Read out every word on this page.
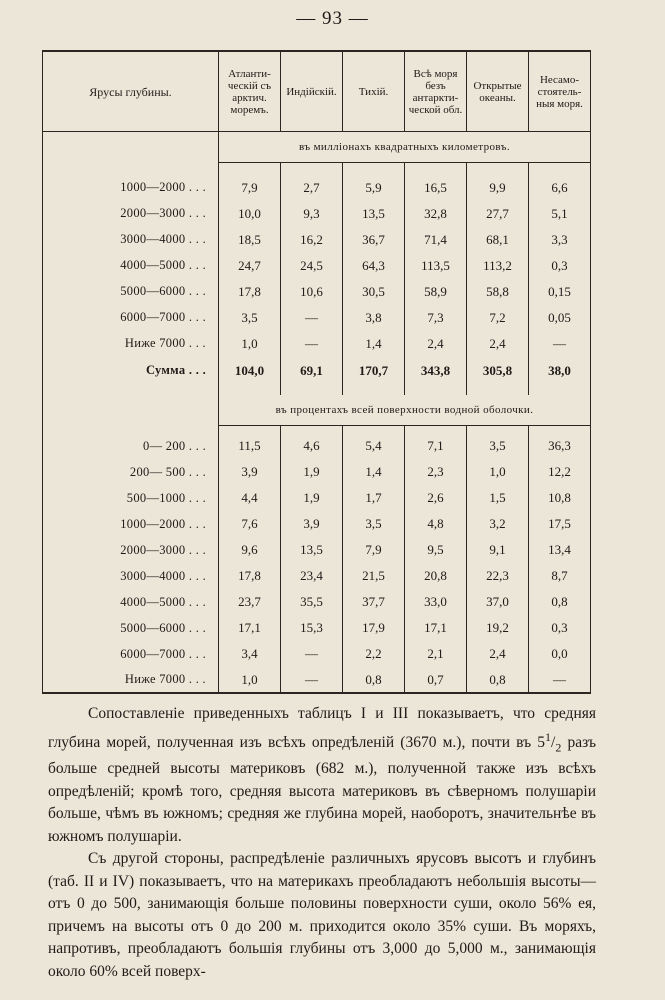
— 93 —
Ярусы глубины.	Атланти-ческій съ арктич. моремъ.	Индійскій.	Тихій.	Всѣ моря безъ антаркти-ческой обл.	Открытые океаны.	Несамо-стоятель-ныя моря.
	въ милліонахъ квадратныхъ километровъ.					

1000—2000 . . .	7,9	2,7	5,9	16,5	9,9	6,6
2000—3000 . . .	10,0	9,3	13,5	32,8	27,7	5,1
3000—4000 . . .	18,5	16,2	36,7	71,4	68,1	3,3
4000—5000 . . .	24,7	24,5	64,3	113,5	113,2	0,3
5000—6000 . . .	17,8	10,6	30,5	58,9	58,8	0,15
6000—7000 . . .	3,5	—	3,8	7,3	7,2	0,05
Ниже 7000 . . .	1,0	—	1,4	2,4	2,4	—
Сумма . . .	104,0	69,1	170,7	343,8	305,8	38,0

	въ процентахъ всей поверхности водной оболочки.					

0— 200 . . .	11,5	4,6	5,4	7,1	3,5	36,3
200— 500 . . .	3,9	1,9	1,4	2,3	1,0	12,2
500—1000 . . .	4,4	1,9	1,7	2,6	1,5	10,8
1000—2000 . . .	7,6	3,9	3,5	4,8	3,2	17,5
2000—3000 . . .	9,6	13,5	7,9	9,5	9,1	13,4
3000—4000 . . .	17,8	23,4	21,5	20,8	22,3	8,7
4000—5000 . . .	23,7	35,5	37,7	33,0	37,0	0,8
5000—6000 . . .	17,1	15,3	17,9	17,1	19,2	0,3
6000—7000 . . .	3,4	—	2,2	2,1	2,4	0,0
Ниже 7000 . . .	1,0	—	0,8	0,7	0,8	—

Сопоставленіе приведенныхъ таблицъ I и III показываетъ, что средняя глубина морей, полученная изъ всѣхъ опредѣленій (3670 м.), почти въ $5^1/_2$ разъ больше средней высоты материковъ (682 м.), полученной также изъ всѣхъ опредѣленій; кромѣ того, средняя высота материковъ въ сѣверномъ полушаріи больше, чѣмъ въ южномъ; средняя же глубина морей, наоборотъ, значительнѣе въ южномъ полушаріи.

Съ другой стороны, распредѣленіе различныхъ ярусовъ высотъ и глубинъ (таб. II и IV) показываетъ, что на материкахъ преобладаютъ небольшія высоты—отъ 0 до 500, занимающія больше половины поверхности суши, около 56% ея, причемъ на высоты отъ 0 до 200 м. приходится около 35% суши. Въ моряхъ, напротивъ, преобладаютъ большія глубины отъ 3,000 до 5,000 м., занимающія около 60% всей поверх-
